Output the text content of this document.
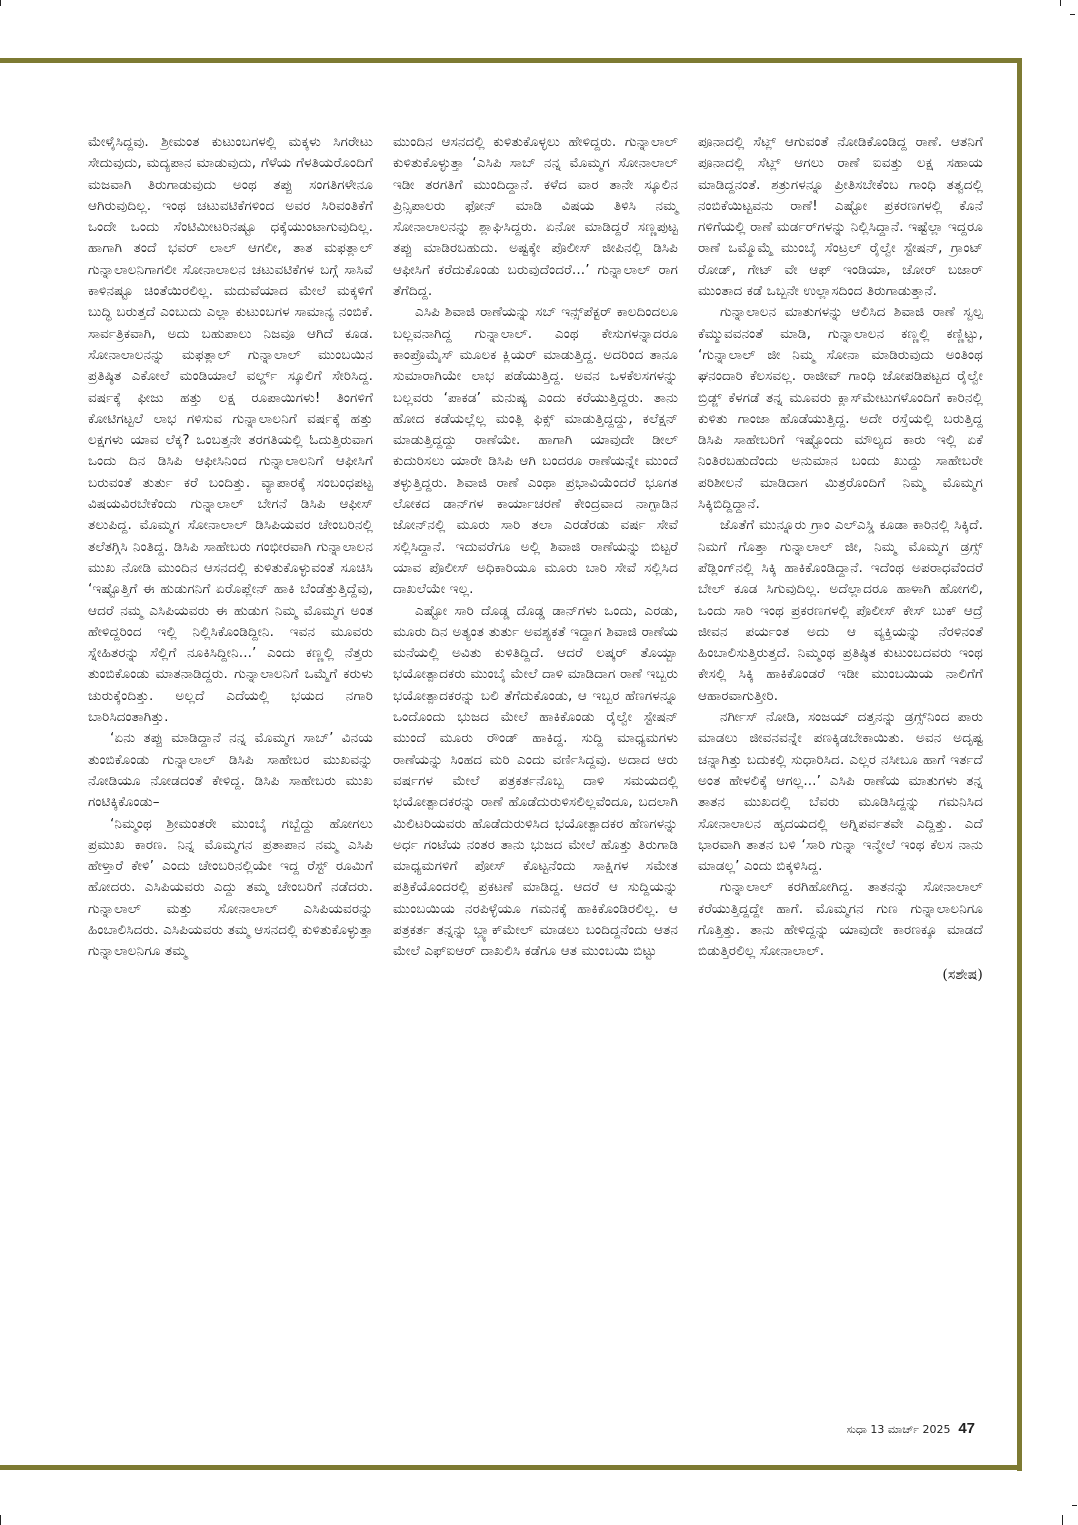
ಮೇಳೈಸಿದ್ದವು. ಶ್ರೀಮಂತ ಕುಟುಂಬಗಳಲ್ಲಿ ಮಕ್ಕಳು ಸಿಗರೇಟು ಸೇದುವುದು, ಮದ್ಯಪಾನ ಮಾಡುವುದು, ಗೆಳೆಯ ಗೆಳತಿಯರೊಂದಿಗೆ ಮಜವಾಗಿ ತಿರುಗಾಡುವುದು ಅಂಥ ತಪ್ಪು ಸಂಗತಿಗಳೇನೂ ಆಗಿರುವುದಿಲ್ಲ. ಇಂಥ ಚಟುವಟಿಕೆಗಳಿಂದ ಅವರ ಸಿರಿವಂತಿಕೆಗೆ ಒಂದೇ ಒಂದು ಸೆಂಟಿಮೀಟರಿನಷ್ಟೂ ಧಕ್ಕೆಯುಂಟಾಗುವುದಿಲ್ಲ. ಹಾಗಾಗಿ ತಂದೆ ಭವರ್ ಲಾಲ್ ಆಗಲೀ, ತಾತ ಮಫತ್ಲಾಲ್ ಗುನ್ನಾಲಾಲನಿಗಾಗಲೀ ಸೋನಾಲಾಲನ ಚಟುವಟಿಕೆಗಳ ಬಗ್ಗೆ ಸಾಸಿವೆ ಕಾಳಿನಷ್ಟೂ ಚಿಂತೆಯಿರಲಿಲ್ಲ. ಮದುವೆಯಾದ ಮೇಲೆ ಮಕ್ಕಳಿಗೆ ಬುದ್ಧಿ ಬರುತ್ತದೆ ಎಂಬುದು ಎಲ್ಲಾ ಕುಟುಂಬಗಳ ಸಾಮಾನ್ಯ ನಂಬಿಕೆ. ಸಾರ್ವತ್ರಿಕವಾಗಿ, ಅದು ಬಹುಪಾಲು ನಿಜವೂ ಆಗಿದೆ ಕೂಡ. ಸೋನಾಲಾಲನನ್ನು ಮಫತ್ಲಾಲ್ ಗುನ್ನಾಲಾಲ್ ಮುಂಬಯಿನ ಪ್ರತಿಷ್ಠಿತ ಎಕೋಲೆ ಮಂಡಿಯಾಲೆ ವರ್ಲ್ಡ್ ಸ್ಕೂಲಿಗೆ ಸೇರಿಸಿದ್ದ. ವರ್ಷಕ್ಕೆ ಫೀಜು ಹತ್ತು ಲಕ್ಷ ರೂಪಾಯಿಗಳು! ತಿಂಗಳಿಗೆ ಕೋಟಿಗಟ್ಟಲೆ ಲಾಭ ಗಳಿಸುವ ಗುನ್ನಾಲಾಲನಿಗೆ ವರ್ಷಕ್ಕೆ ಹತ್ತು ಲಕ್ಷಗಳು ಯಾವ ಲೆಕ್ಕ? ಒಂಬತ್ತನೇ ತರಗತಿಯಲ್ಲಿ ಓದುತ್ತಿರುವಾಗ ಒಂದು ದಿನ ಡಿಸಿಪಿ ಆಫೀಸಿನಿಂದ ಗುನ್ನಾಲಾಲನಿಗೆ ಆಫೀಸಿಗೆ ಬರುವಂತೆ ತುರ್ತು ಕರೆ ಬಂದಿತ್ತು. ವ್ಯಾಪಾರಕ್ಕೆ ಸಂಬಂಧಪಟ್ಟ ವಿಷಯವಿರಬೇಕೆಂದು ಗುನ್ನಾಲಾಲ್ ಬೇಗನೆ ಡಿಸಿಪಿ ಆಫೀಸ್ ತಲುಪಿದ್ದ. ಮೊಮ್ಮಗ ಸೋನಾಲಾಲ್ ಡಿಸಿಪಿಯವರ ಚೇಂಬರಿನಲ್ಲಿ ತಲೆತಗ್ಗಿಸಿ ನಿಂತಿದ್ದ. ಡಿಸಿಪಿ ಸಾಹೇಬರು ಗಂಭೀರವಾಗಿ ಗುನ್ನಾಲಾಲನ ಮುಖ ನೋಡಿ ಮುಂದಿನ ಆಸನದಲ್ಲಿ ಕುಳಿತುಕೊಳ್ಳುವಂತೆ ಸೂಚಿಸಿ ‘ಇಷ್ಟೊತ್ತಿಗೆ ಈ ಹುಡುಗನಿಗೆ ಏರೊಪ್ಲೇನ್ ಹಾಕಿ ಬೆಂಡೆತ್ತುತ್ತಿದ್ದೆವು, ಆದರೆ ನಮ್ಮ ಎಸಿಪಿಯವರು ಈ ಹುಡುಗ ನಿಮ್ಮ ಮೊಮ್ಮಗ ಅಂತ ಹೇಳಿದ್ದರಿಂದ ಇಲ್ಲಿ ನಿಲ್ಲಿಸಿಕೊಂಡಿದ್ದೀನಿ. ಇವನ ಮೂವರು ಸ್ನೇಹಿತರನ್ನು ಸೆಲ್ಲಿಗೆ ನೂಕಿಸಿದ್ದೀನಿ...’ ಎಂದು ಕಣ್ಣಲ್ಲಿ ನೆತ್ತರು ತುಂಬಿಕೊಂಡು ಮಾತನಾಡಿದ್ದರು. ಗುನ್ನಾಲಾಲನಿಗೆ ಒಮ್ಮೆಗೆ ಕರುಳು ಚುರುಕ್ಕೆಂದಿತ್ತು. ಅಲ್ಲದೆ ಎದೆಯಲ್ಲಿ ಭಯದ ನಗಾರಿ ಬಾರಿಸಿದಂತಾಗಿತ್ತು.

‘ಏನು ತಪ್ಪು ಮಾಡಿದ್ದಾನೆ ನನ್ನ ಮೊಮ್ಮಗ ಸಾಬ್’ ವಿನಯ ತುಂಬಿಕೊಂಡು ಗುನ್ನಾಲಾಲ್ ಡಿಸಿಪಿ ಸಾಹೇಬರ ಮುಖವನ್ನು ನೋಡಿಯೂ ನೋಡದಂತೆ ಕೇಳಿದ್ದ. ಡಿಸಿಪಿ ಸಾಹೇಬರು ಮುಖ ಗಂಟಿಕ್ಕಿಕೊಂಡು–

‘ನಿಮ್ಮಂಥ ಶ್ರೀಮಂತರೇ ಮುಂಬೈ ಗಬ್ಬೆದ್ದು ಹೋಗಲು ಪ್ರಮುಖ ಕಾರಣ. ನಿನ್ನ ಮೊಮ್ಮಗನ ಪ್ರತಾಪಾನ ನಮ್ಮ ಎಸಿಪಿ ಹೇಳ್ತಾರೆ ಕೇಳಿ’ ಎಂದು ಚೇಂಬರಿನಲ್ಲಿಯೇ ಇದ್ದ ರೆಸ್ಟ್ ರೂಮಿಗೆ ಹೋದರು. ಎಸಿಪಿಯವರು ಎದ್ದು ತಮ್ಮ ಚೇಂಬರಿಗೆ ನಡೆದರು. ಗುನ್ನಾಲಾಲ್ ಮತ್ತು ಸೋನಾಲಾಲ್ ಎಸಿಪಿಯವರನ್ನು ಹಿಂಬಾಲಿಸಿದರು. ಎಸಿಪಿಯವರು ತಮ್ಮ ಆಸನದಲ್ಲಿ ಕುಳಿತುಕೊಳ್ಳುತ್ತಾ ಗುನ್ನಾಲಾಲನಿಗೂ ತಮ್ಮ

ಮುಂದಿನ ಆಸನದಲ್ಲಿ ಕುಳಿತುಕೊಳ್ಳಲು ಹೇಳಿದ್ದರು. ಗುನ್ನಾಲಾಲ್ ಕುಳಿತುಕೊಳ್ಳುತ್ತಾ ‘ಎಸಿಪಿ ಸಾಬ್ ನನ್ನ ಮೊಮ್ಮಗ ಸೋನಾಲಾಲ್ ಇಡೀ ತರಗತಿಗೆ ಮುಂದಿದ್ದಾನೆ. ಕಳೆದ ವಾರ ತಾನೇ ಸ್ಕೂಲಿನ ಪ್ರಿನ್ಸಿಪಾಲರು ಫೋನ್ ಮಾಡಿ ವಿಷಯ ತಿಳಿಸಿ ನಮ್ಮ ಸೋನಾಲಾಲನನ್ನು ಶ್ಲಾಘಿಸಿದ್ದರು. ಏನೋ ಮಾಡಿದ್ದರೆ ಸಣ್ಣಪುಟ್ಟ ತಪ್ಪು ಮಾಡಿರಬಹುದು. ಅಷ್ಟಕ್ಕೇ ಪೊಲೀಸ್ ಜೀಪಿನಲ್ಲಿ ಡಿಸಿಪಿ ಆಫೀಸಿಗೆ ಕರೆದುಕೊಂಡು ಬರುವುದೆಂದರೆ...’ ಗುನ್ನಾಲಾಲ್ ರಾಗ ತೆಗೆದಿದ್ದ.

ಎಸಿಪಿ ಶಿವಾಜಿ ರಾಣೆಯನ್ನು ಸಬ್ ಇನ್ಸ್‌ಪೆಕ್ಟರ್ ಕಾಲದಿಂದಲೂ ಬಲ್ಲವನಾಗಿದ್ದ ಗುನ್ನಾಲಾಲ್. ಎಂಥ ಕೇಸುಗಳನ್ನಾದರೂ ಕಾಂಪ್ರೊಮೈಸ್ ಮೂಲಕ ಕ್ಲಿಯರ್ ಮಾಡುತ್ತಿದ್ದ. ಅದರಿಂದ ತಾನೂ ಸುಮಾರಾಗಿಯೇ ಲಾಭ ಪಡೆಯುತ್ತಿದ್ದ. ಅವನ ಒಳಕೆಲಸಗಳನ್ನು ಬಲ್ಲವರು ‘ಪಾಕಡ’ ಮನುಷ್ಯ ಎಂದು ಕರೆಯುತ್ತಿದ್ದರು. ತಾನು ಹೋದ ಕಡೆಯಲ್ಲೆಲ್ಲ ಮಂತ್ಲಿ ಫಿಕ್ಸ್ ಮಾಡುತ್ತಿದ್ದದ್ದು, ಕಲೆಕ್ಷನ್ ಮಾಡುತ್ತಿದ್ದದ್ದು ರಾಣೆಯೇ. ಹಾಗಾಗಿ ಯಾವುದೇ ಡೀಲ್ ಕುದುರಿಸಲು ಯಾರೇ ಡಿಸಿಪಿ ಆಗಿ ಬಂದರೂ ರಾಣೆಯನ್ನೇ ಮುಂದೆ ತಳ್ಳುತ್ತಿದ್ದರು. ಶಿವಾಜಿ ರಾಣೆ ಎಂಥಾ ಪ್ರಭಾವಿಯೆಂದರೆ ಭೂಗತ ಲೋಕದ ಡಾನ್‌ಗಳ ಕಾರ್ಯಾಚರಣೆ ಕೇಂದ್ರವಾದ ನಾಗ್ಪಾಡಿನ ಜೋನ್‌ನಲ್ಲಿ ಮೂರು ಸಾರಿ ತಲಾ ಎರಡೆರಡು ವರ್ಷ ಸೇವೆ ಸಲ್ಲಿಸಿದ್ದಾನೆ. ಇದುವರೆಗೂ ಅಲ್ಲಿ ಶಿವಾಜಿ ರಾಣೆಯನ್ನು ಬಿಟ್ಟರೆ ಯಾವ ಪೊಲೀಸ್ ಅಧಿಕಾರಿಯೂ ಮೂರು ಬಾರಿ ಸೇವೆ ಸಲ್ಲಿಸಿದ ದಾಖಲೆಯೇ ಇಲ್ಲ.

ಎಷ್ಟೋ ಸಾರಿ ದೊಡ್ಡ ದೊಡ್ಡ ಡಾನ್‌ಗಳು ಒಂದು, ಎರಡು, ಮೂರು ದಿನ ಅತ್ಯಂತ ತುರ್ತು ಅವಶ್ಯಕತೆ ಇದ್ದಾಗ ಶಿವಾಜಿ ರಾಣೆಯ ಮನೆಯಲ್ಲಿ ಅವಿತು ಕುಳಿತಿದ್ದಿದೆ. ಆದರೆ ಲಷ್ಕರ್ ತೊಯ್ಬಾ ಭಯೋತ್ಪಾದಕರು ಮುಂಬೈ ಮೇಲೆ ದಾಳಿ ಮಾಡಿದಾಗ ರಾಣೆ ಇಬ್ಬರು ಭಯೋತ್ಪಾದಕರನ್ನು ಬಲಿ ತೆಗೆದುಕೊಂಡು, ಆ ಇಬ್ಬರ ಹೆಣಗಳನ್ನೂ ಒಂದೊಂದು ಭುಜದ ಮೇಲೆ ಹಾಕಿಕೊಂಡು ರೈಲ್ವೇ ಸ್ಟೇಷನ್ ಮುಂದೆ ಮೂರು ರೌಂಡ್ ಹಾಕಿದ್ದ. ಸುದ್ದಿ ಮಾಧ್ಯಮಗಳು ರಾಣೆಯನ್ನು ಸಿಂಹದ ಮರಿ ಎಂದು ವರ್ಣಿಸಿದ್ದವು. ಅದಾದ ಆರು ವರ್ಷಗಳ ಮೇಲೆ ಪತ್ರಕರ್ತನೊಬ್ಬ ದಾಳಿ ಸಮಯದಲ್ಲಿ ಭಯೋತ್ಪಾದಕರನ್ನು ರಾಣೆ ಹೊಡೆದುರುಳಿಸಲಿಲ್ಲವೆಂದೂ, ಬದಲಾಗಿ ಮಿಲಿಟರಿಯವರು ಹೊಡೆದುರುಳಿಸಿದ ಭಯೋತ್ಪಾದಕರ ಹೆಣಗಳನ್ನು ಅರ್ಧ ಗಂಟೆಯ ನಂತರ ತಾನು ಭುಜದ ಮೇಲೆ ಹೊತ್ತು ತಿರುಗಾಡಿ ಮಾಧ್ಯಮಗಳಿಗೆ ಪೋಸ್ ಕೊಟ್ಟನೆಂದು ಸಾಕ್ಷಿಗಳ ಸಮೇತ ಪತ್ರಿಕೆಯೊಂದರಲ್ಲಿ ಪ್ರಕಟಣೆ ಮಾಡಿದ್ದ. ಆದರೆ ಆ ಸುದ್ದಿಯನ್ನು ಮುಂಬಯಿಯ ನರಪಿಳ್ಳೆಯೂ ಗಮನಕ್ಕೆ ಹಾಕಿಕೊಂಡಿರಲಿಲ್ಲ. ಆ ಪತ್ರಕರ್ತ ತನ್ನನ್ನು ಬ್ಲ್ಯಾಕ್‌ಮೇಲ್ ಮಾಡಲು ಬಂದಿದ್ದನೆಂದು ಆತನ ಮೇಲೆ ಎಫ್‌ಐಆರ್ ದಾಖಲಿಸಿ ಕಡೆಗೂ ಆತ ಮುಂಬಯಿ ಬಿಟ್ಟು

ಪೂನಾದಲ್ಲಿ ಸೆಟ್ಲ್ ಆಗುವಂತೆ ನೋಡಿಕೊಂಡಿದ್ದ ರಾಣೆ. ಆತನಿಗೆ ಪೂನಾದಲ್ಲಿ ಸೆಟ್ಲ್ ಆಗಲು ರಾಣೆ ಐವತ್ತು ಲಕ್ಷ ಸಹಾಯ ಮಾಡಿದ್ದನಂತೆ. ಶತ್ರುಗಳನ್ನೂ ಪ್ರೀತಿಸಬೇಕೆಂಬ ಗಾಂಧಿ ತತ್ವದಲ್ಲಿ ನಂಬಿಕೆಯಿಟ್ಟವನು ರಾಣೆ! ಎಷ್ಟೋ ಪ್ರಕರಣಗಳಲ್ಲಿ ಕೊನೆ ಗಳಿಗೆಯಲ್ಲಿ ರಾಣೆ ಮರ್ಡರ್‌ಗಳನ್ನು ನಿಲ್ಲಿಸಿದ್ದಾನೆ. ಇಷ್ಟೆಲ್ಲಾ ಇದ್ದರೂ ರಾಣೆ ಒಮ್ಮೊಮ್ಮೆ ಮುಂಬೈ ಸೆಂಟ್ರಲ್ ರೈಲ್ವೇ ಸ್ಟೇಷನ್, ಗ್ರಾಂಟ್ ರೋಡ್, ಗೇಟ್ ವೇ ಆಫ್ ಇಂಡಿಯಾ, ಚೋರ್ ಬಜಾರ್ ಮುಂತಾದ ಕಡೆ ಒಬ್ಬನೇ ಉಲ್ಲಾಸದಿಂದ ತಿರುಗಾಡುತ್ತಾನೆ.

ಗುನ್ನಾಲಾಲನ ಮಾತುಗಳನ್ನು ಆಲಿಸಿದ ಶಿವಾಜಿ ರಾಣೆ ಸ್ವಲ್ಪ ಕೆಮ್ಮುವವನಂತೆ ಮಾಡಿ, ಗುನ್ನಾಲಾಲನ ಕಣ್ಣಲ್ಲಿ ಕಣ್ಣಿಟ್ಟು, ‘ಗುನ್ನಾಲಾಲ್ ಜೀ ನಿಮ್ಮ ಸೋನಾ ಮಾಡಿರುವುದು ಅಂತಿಂಥ ಘನಂದಾರಿ ಕೆಲಸವಲ್ಲ. ರಾಜೀವ್ ಗಾಂಧಿ ಜೋಪಡಿಪಟ್ಟದ ರೈಲ್ವೇ ಬ್ರಿಡ್ಜ್ ಕೆಳಗಡೆ ತನ್ನ ಮೂವರು ಕ್ಲಾಸ್‌ಮೇಟುಗಳೊಂದಿಗೆ ಕಾರಿನಲ್ಲಿ ಕುಳಿತು ಗಾಂಜಾ ಹೊಡೆಯುತ್ತಿದ್ದ. ಅದೇ ರಸ್ತೆಯಲ್ಲಿ ಬರುತ್ತಿದ್ದ ಡಿಸಿಪಿ ಸಾಹೇಬರಿಗೆ ಇಷ್ಟೊಂದು ಮೌಲ್ಯದ ಕಾರು ಇಲ್ಲಿ ಏಕೆ ನಿಂತಿರಬಹುದೆಂದು ಅನುಮಾನ ಬಂದು ಖುದ್ದು ಸಾಹೇಬರೇ ಪರಿಶೀಲನೆ ಮಾಡಿದಾಗ ಮಿತ್ರರೊಂದಿಗೆ ನಿಮ್ಮ ಮೊಮ್ಮಗ ಸಿಕ್ಕಿಬಿದ್ದಿದ್ದಾನೆ.

ಜೊತೆಗೆ ಮುನ್ನೂರು ಗ್ರಾಂ ಎಲ್‌ಎಸ್ಡಿ ಕೂಡಾ ಕಾರಿನಲ್ಲಿ ಸಿಕ್ಕಿದೆ. ನಿಮಗೆ ಗೊತ್ತಾ ಗುನ್ನಾಲಾಲ್ ಜೀ, ನಿಮ್ಮ ಮೊಮ್ಮಗ ಡ್ರಗ್ಸ್ ಪೆಡ್ಲಿಂಗ್‌ನಲ್ಲಿ ಸಿಕ್ಕಿ ಹಾಕಿಕೊಂಡಿದ್ದಾನೆ. ಇದೆಂಥ ಅಪರಾಧವೆಂದರೆ ಬೇಲ್ ಕೂಡ ಸಿಗುವುದಿಲ್ಲ. ಅದೆಲ್ಲಾದರೂ ಹಾಳಾಗಿ ಹೋಗಲಿ, ಒಂದು ಸಾರಿ ಇಂಥ ಪ್ರಕರಣಗಳಲ್ಲಿ ಪೊಲೀಸ್ ಕೇಸ್ ಬುಕ್ ಆದ್ರೆ ಜೀವನ ಪರ್ಯಂತ ಅದು ಆ ವ್ಯಕ್ತಿಯನ್ನು ನೆರಳಿನಂತೆ ಹಿಂಬಾಲಿಸುತ್ತಿರುತ್ತದೆ. ನಿಮ್ಮಂಥ ಪ್ರತಿಷ್ಠಿತ ಕುಟುಂಬದವರು ಇಂಥ ಕೇಸಲ್ಲಿ ಸಿಕ್ಕಿ ಹಾಕಿಕೊಂಡರೆ ಇಡೀ ಮುಂಬಯಿಯ ನಾಲಿಗೆಗೆ ಆಹಾರವಾಗುತ್ತೀರಿ.

ನರ್ಗೀಸ್ ನೋಡಿ, ಸಂಜಯ್ ದತ್ತನನ್ನು ಡ್ರಗ್ಸ್‌ನಿಂದ ಪಾರು ಮಾಡಲು ಜೀವನವನ್ನೇ ಪಣಕ್ಕಿಡಬೇಕಾಯಿತು. ಅವನ ಅದೃಷ್ಟ ಚನ್ನಾಗಿತ್ತು ಬದುಕಲ್ಲಿ ಸುಧಾರಿಸಿದ. ಎಲ್ಲರ ನಸೀಬೂ ಹಾಗೆ ಇರ್ತದೆ ಅಂತ ಹೇಳಲಿಕ್ಕೆ ಆಗಲ್ಲ...’ ಎಸಿಪಿ ರಾಣೆಯ ಮಾತುಗಳು ತನ್ನ ತಾತನ ಮುಖದಲ್ಲಿ ಬೆವರು ಮೂಡಿಸಿದ್ದನ್ನು ಗಮನಿಸಿದ ಸೋನಾಲಾಲನ ಹೃದಯದಲ್ಲಿ ಅಗ್ನಿಪರ್ವತವೇ ಎದ್ದಿತ್ತು. ಎದೆ ಭಾರವಾಗಿ ತಾತನ ಬಳಿ ‘ಸಾರಿ ಗುನ್ನಾ ಇನ್ಮೇಲೆ ಇಂಥ ಕೆಲಸ ನಾನು ಮಾಡಲ್ಲ’ ಎಂದು ಬಿಕ್ಕಳಿಸಿದ್ದ.

ಗುನ್ನಾಲಾಲ್ ಕರಗಿಹೋಗಿದ್ದ. ತಾತನನ್ನು ಸೋನಾಲಾಲ್ ಕರೆಯುತ್ತಿದ್ದದ್ದೇ ಹಾಗೆ. ಮೊಮ್ಮಗನ ಗುಣ ಗುನ್ನಾಲಾಲನಿಗೂ ಗೊತ್ತಿತ್ತು. ತಾನು ಹೇಳಿದ್ದನ್ನು ಯಾವುದೇ ಕಾರಣಕ್ಕೂ ಮಾಡದೆ ಬಿಡುತ್ತಿರಲಿಲ್ಲ ಸೋನಾಲಾಲ್.

(ಸಶೇಷ)
ಸುಧಾ 13 ಮಾರ್ಚ್ 2025 47
